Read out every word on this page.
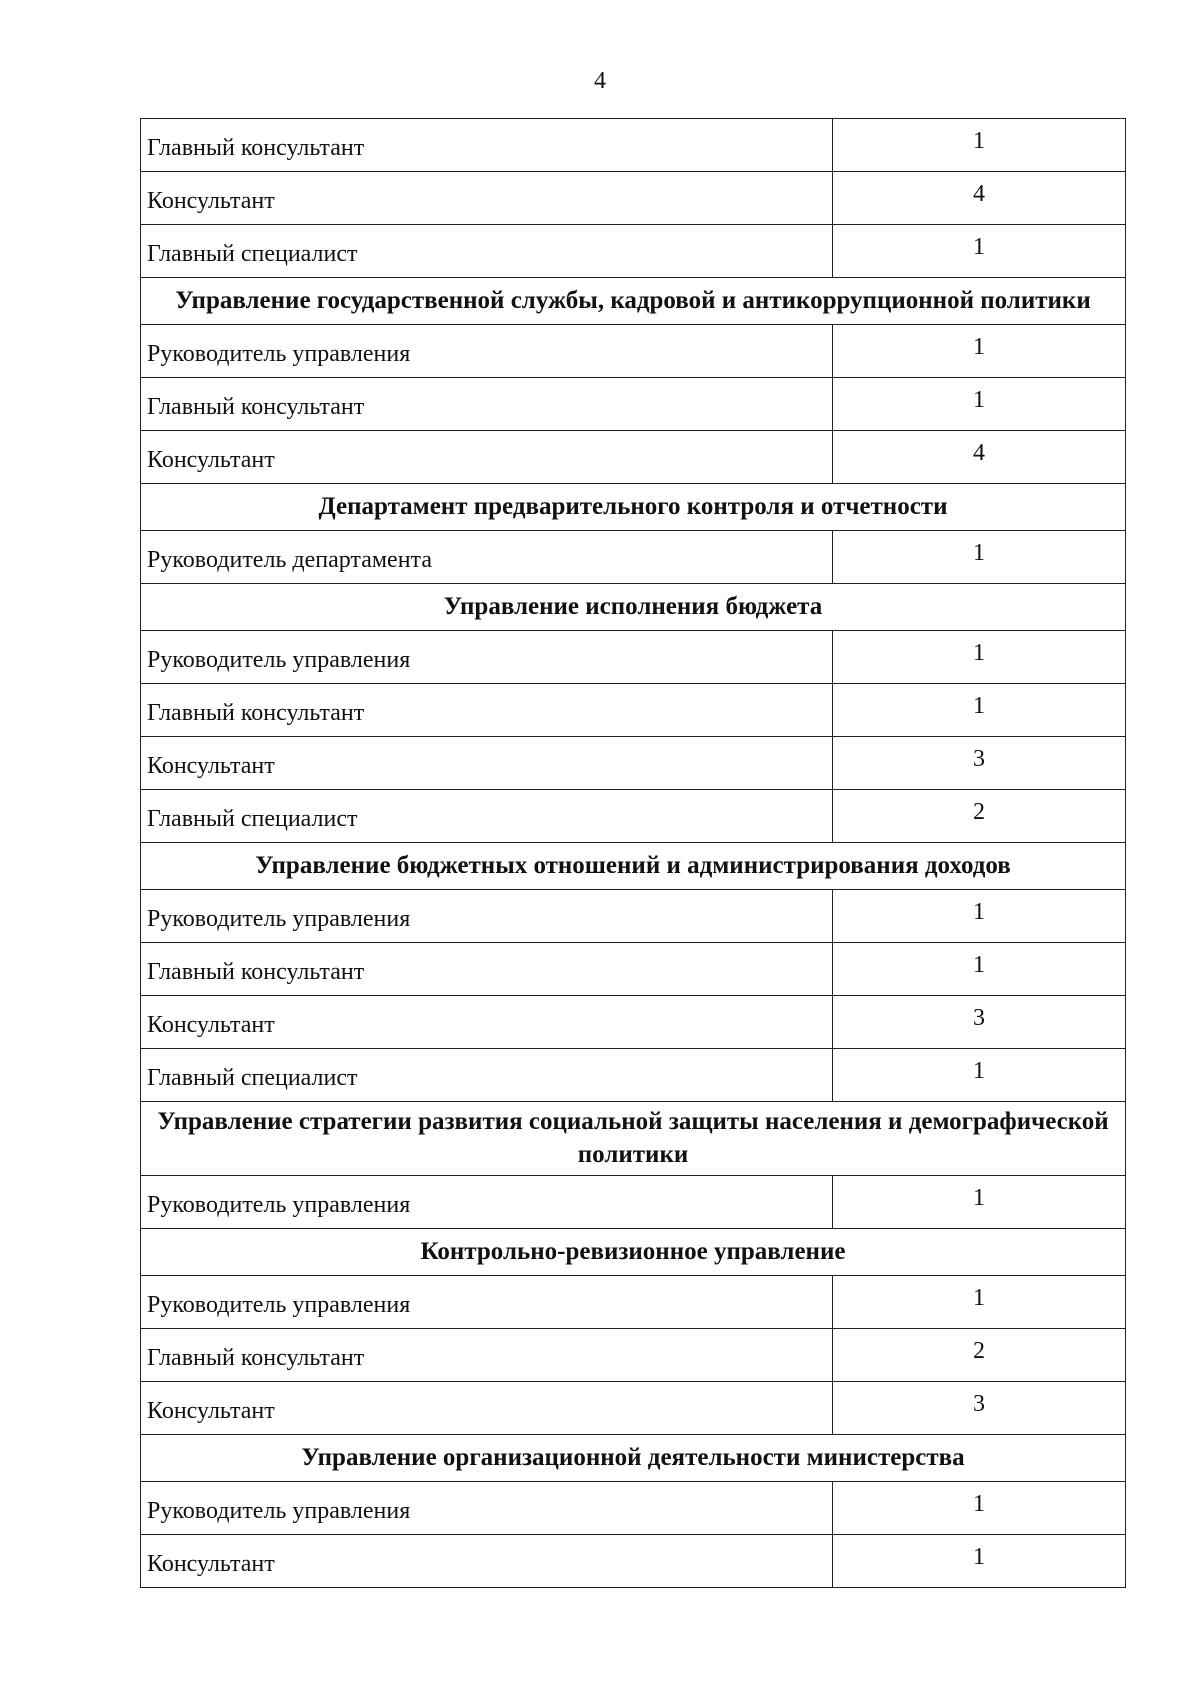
4
Главный консультант	1
Консультант	4
Главный специалист	1
Управление государственной службы, кадровой и антикоррупционной политики	
Руководитель управления	1
Главный консультант	1
Консультант	4
Департамент предварительного контроля и отчетности	
Руководитель департамента	1
Управление исполнения бюджета	
Руководитель управления	1
Главный консультант	1
Консультант	3
Главный специалист	2
Управление бюджетных отношений и администрирования доходов	
Руководитель управления	1
Главный консультант	1
Консультант	3
Главный специалист	1
Управление стратегии развития социальной защиты населения и демографической политики	
Руководитель управления	1
Контрольно-ревизионное управление	
Руководитель управления	1
Главный консультант	2
Консультант	3
Управление организационной деятельности министерства	
Руководитель управления	1
Консультант	1
